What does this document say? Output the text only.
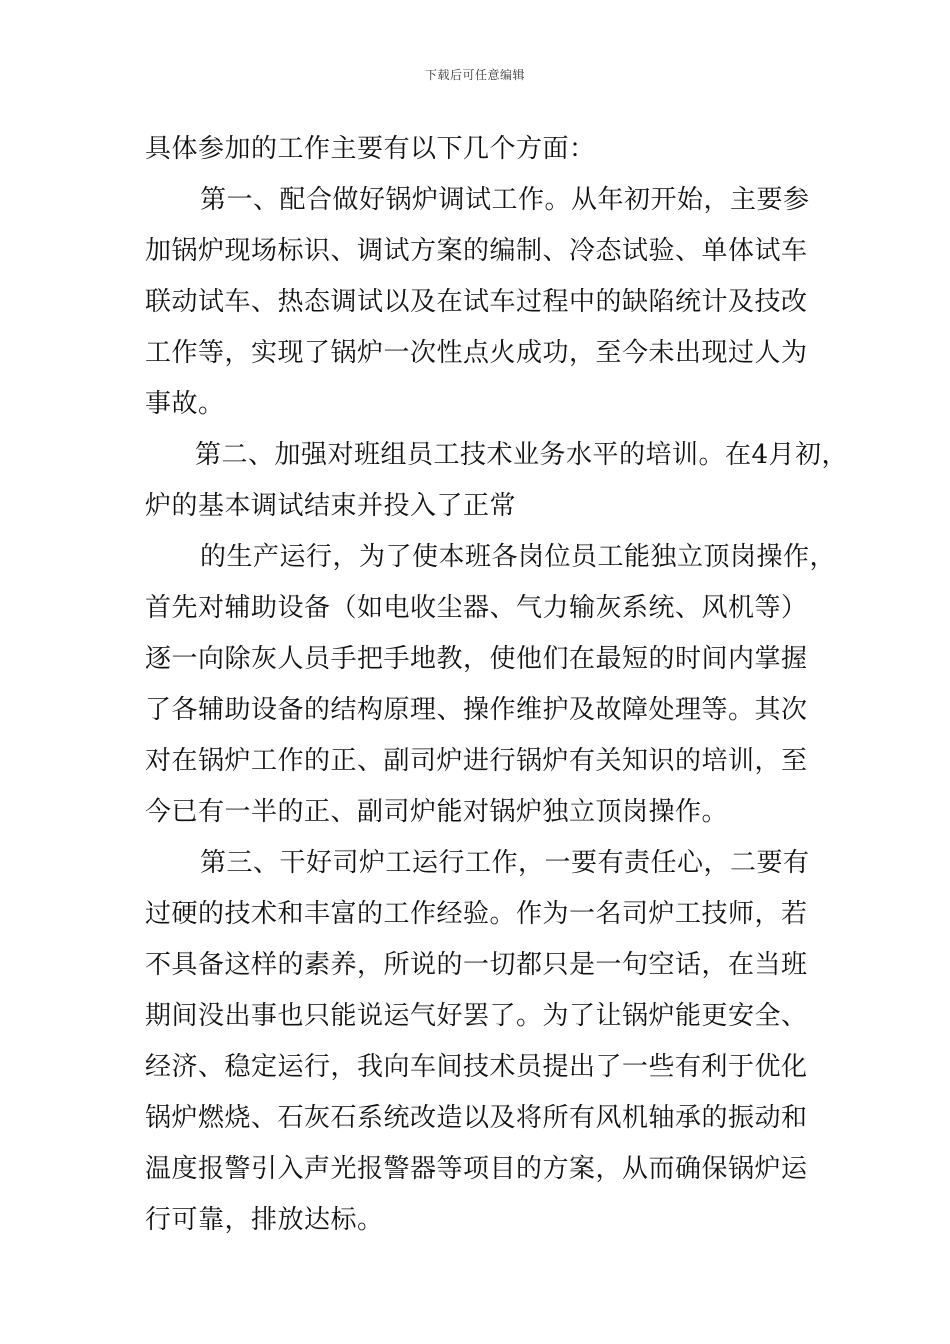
下载后可任意编辑
具体参加的工作主要有以下几个方面：
第一、配合做好锅炉调试工作。从年初开始，主要参
加锅炉现场标识、调试方案的编制、冷态试验、单体试车
联动试车、热态调试以及在试车过程中的缺陷统计及技改
工作等，实现了锅炉一次性点火成功，至今未出现过人为
事故。
第二、加强对班组员工技术业务水平的培训。在4月初，
炉的基本调试结束并投入了正常
的生产运行，为了使本班各岗位员工能独立顶岗操作，
首先对辅助设备（如电收尘器、气力输灰系统、风机等）
逐一向除灰人员手把手地教，使他们在最短的时间内掌握
了各辅助设备的结构原理、操作维护及故障处理等。其次
对在锅炉工作的正、副司炉进行锅炉有关知识的培训，至
今已有一半的正、副司炉能对锅炉独立顶岗操作。
第三、干好司炉工运行工作，一要有责任心，二要有
过硬的技术和丰富的工作经验。作为一名司炉工技师，若
不具备这样的素养，所说的一切都只是一句空话，在当班
期间没出事也只能说运气好罢了。为了让锅炉能更安全、
经济、稳定运行，我向车间技术员提出了一些有利于优化
锅炉燃烧、石灰石系统改造以及将所有风机轴承的振动和
温度报警引入声光报警器等项目的方案，从而确保锅炉运
行可靠，排放达标。
